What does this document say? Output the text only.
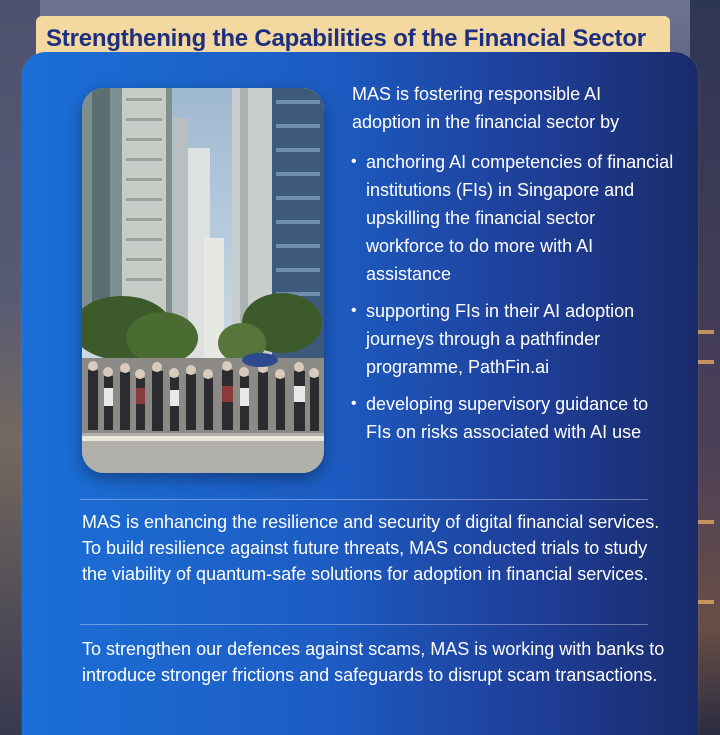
Strengthening the Capabilities of the Financial Sector

MAS is fostering responsible AI adoption in the financial sector by

• anchoring AI competencies of financial institutions (FIs) in Singapore and upskilling the financial sector workforce to do more with AI assistance
• supporting FIs in their AI adoption journeys through a pathfinder programme, PathFin.ai
• developing supervisory guidance to FIs on risks associated with AI use

MAS is enhancing the resilience and security of digital financial services. To build resilience against future threats, MAS conducted trials to study the viability of quantum-safe solutions for adoption in financial services.

To strengthen our defences against scams, MAS is working with banks to introduce stronger frictions and safeguards to disrupt scam transactions.
